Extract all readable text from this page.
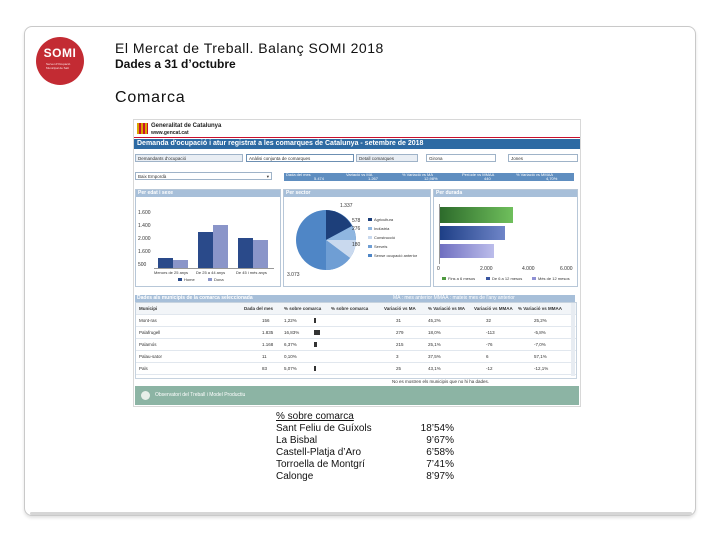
SOMI
Servei d'Ocupació Municipal de Salt
El Mercat de Treball. Balanç SOMI 2018
Dades a 31 d’octubre
Comarca
Generalitat de Catalunya
www.gencat.cat
Demanda d'ocupació i atur registrat a les comarques de Catalunya - setembre de 2018
Demandants d'ocupació	Anàlisi conjunta de comarques	Detall comarques	Girona	Jones
Baix Empordà	▾	Dada del mes	Variació vs MA	% Variació vs MA	Període vs MMAA	% Variació vs MMAA
5.474	1.267	12,98%	440	4,70%
Per edat i sexe
1.600
1.400
2.000
1.600
500
Menors de 25 anys De 25 a 44 anys	De 45 i més anys
Home	Dona
Per sector
1.337
578
276
180
3.073
Agricultura
Indústria
Construcció
Serveis
Sense ocupació anterior
Per durada
0	2.000	4.000	6.000
Fins a 6 mesos	De 6 a 12 mesos	Més de 12 mesos
Dades als municipis de la comarca seleccionada	MA : mes anterior MMAA : mateix mes de l'any anterior
Municipi	Dada del mes % sobre comarca % sobre comarca	Variació vs MA	% Variació vs MA Variació vs MMAA % Variació vs MMAA
Mont-ras	156	1,22%	31	45,2%	32	25,2%
Palafrugell	1.835 16,83%	279	18,0%	-113	-5,8%
Palamós	1.168 6,37%	215	25,1%	-76	-7,0%
Palau-sator	11	0,10%	3	37,5%	6	57,1%
Pals	83	5,07%	25	43,1%	-12	-12,1%
No es mostren els municipis que no hi ha dades.
Observatori del Treball i Model Productiu
% sobre comarca
Sant Feliu de Guíxols	18’54%
La Bisbal	9’67%
Castell-Platja d’Aro	6’58%
Torroella de Montgrí	7’41%
Calonge	8’97%
